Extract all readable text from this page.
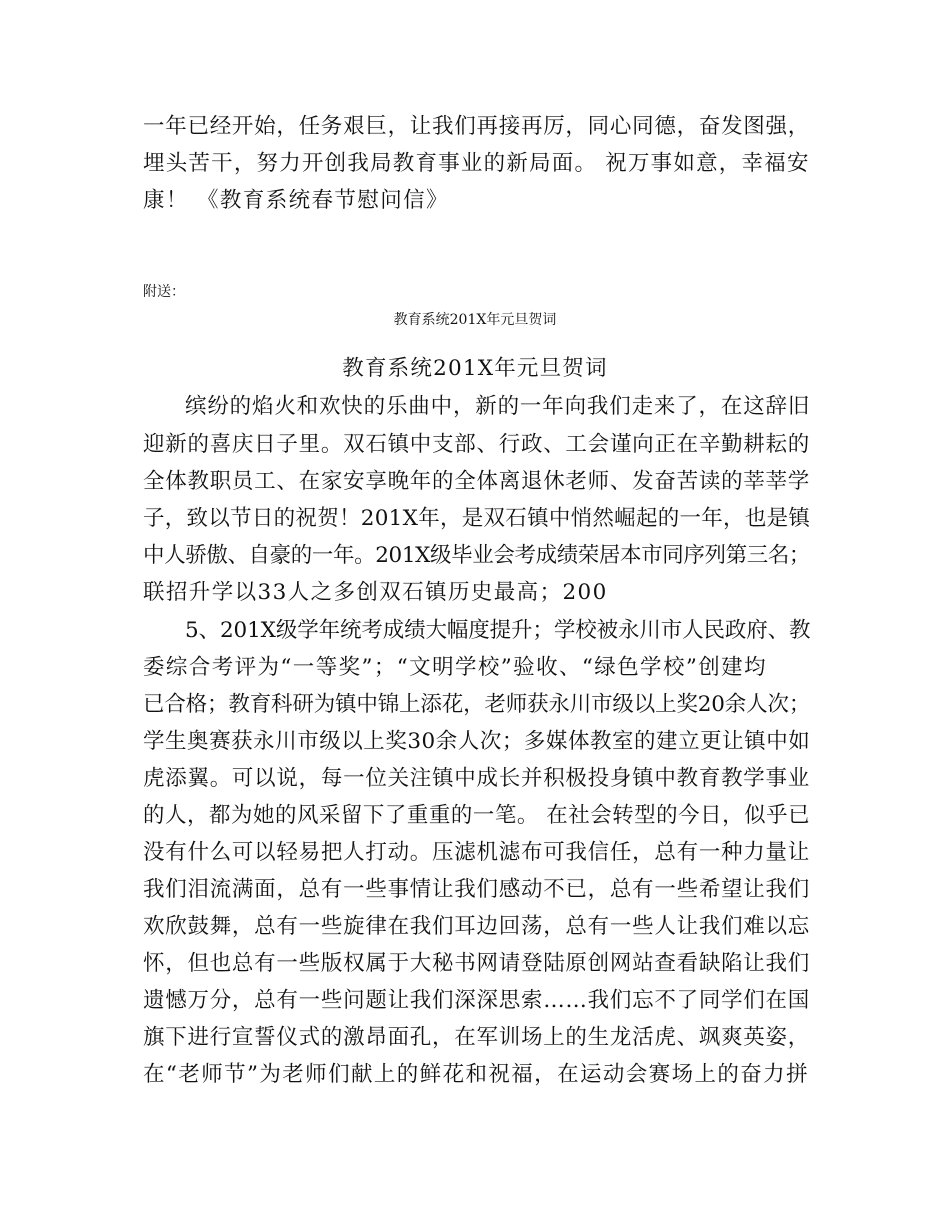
一年已经开始，任务艰巨，让我们再接再厉，同心同德，奋发图强，
埋头苦干，努力开创我局教育事业的新局面。 祝万事如意，幸福安
康！ 《教育系统春节慰问信》
附送：
教育系统201X年元旦贺词
教育系统201X年元旦贺词
缤纷的焰火和欢快的乐曲中，新的一年向我们走来了，在这辞旧
迎新的喜庆日子里。双石镇中支部、行政、工会谨向正在辛勤耕耘的
全体教职员工、在家安享晚年的全体离退休老师、发奋苦读的莘莘学
子，致以节日的祝贺！201X年，是双石镇中悄然崛起的一年，也是镇
中人骄傲、自豪的一年。201X级毕业会考成绩荣居本市同序列第三名；
联招升学以33人之多创双石镇历史最高；200
5、201X级学年统考成绩大幅度提升；学校被永川市人民政府、教
委综合考评为“一等奖”；“文明学校”验收、“绿色学校”创建均
已合格；教育科研为镇中锦上添花，老师获永川市级以上奖20余人次；
学生奥赛获永川市级以上奖30余人次；多媒体教室的建立更让镇中如
虎添翼。可以说，每一位关注镇中成长并积极投身镇中教育教学事业
的人，都为她的风采留下了重重的一笔。 在社会转型的今日，似乎已
没有什么可以轻易把人打动。压滤机滤布可我信任，总有一种力量让
我们泪流满面，总有一些事情让我们感动不已，总有一些希望让我们
欢欣鼓舞，总有一些旋律在我们耳边回荡，总有一些人让我们难以忘
怀，但也总有一些版权属于大秘书网请登陆原创网站查看缺陷让我们
遗憾万分，总有一些问题让我们深深思索……我们忘不了同学们在国
旗下进行宣誓仪式的激昂面孔，在军训场上的生龙活虎、飒爽英姿，
在“老师节”为老师们献上的鲜花和祝福，在运动会赛场上的奋力拼
